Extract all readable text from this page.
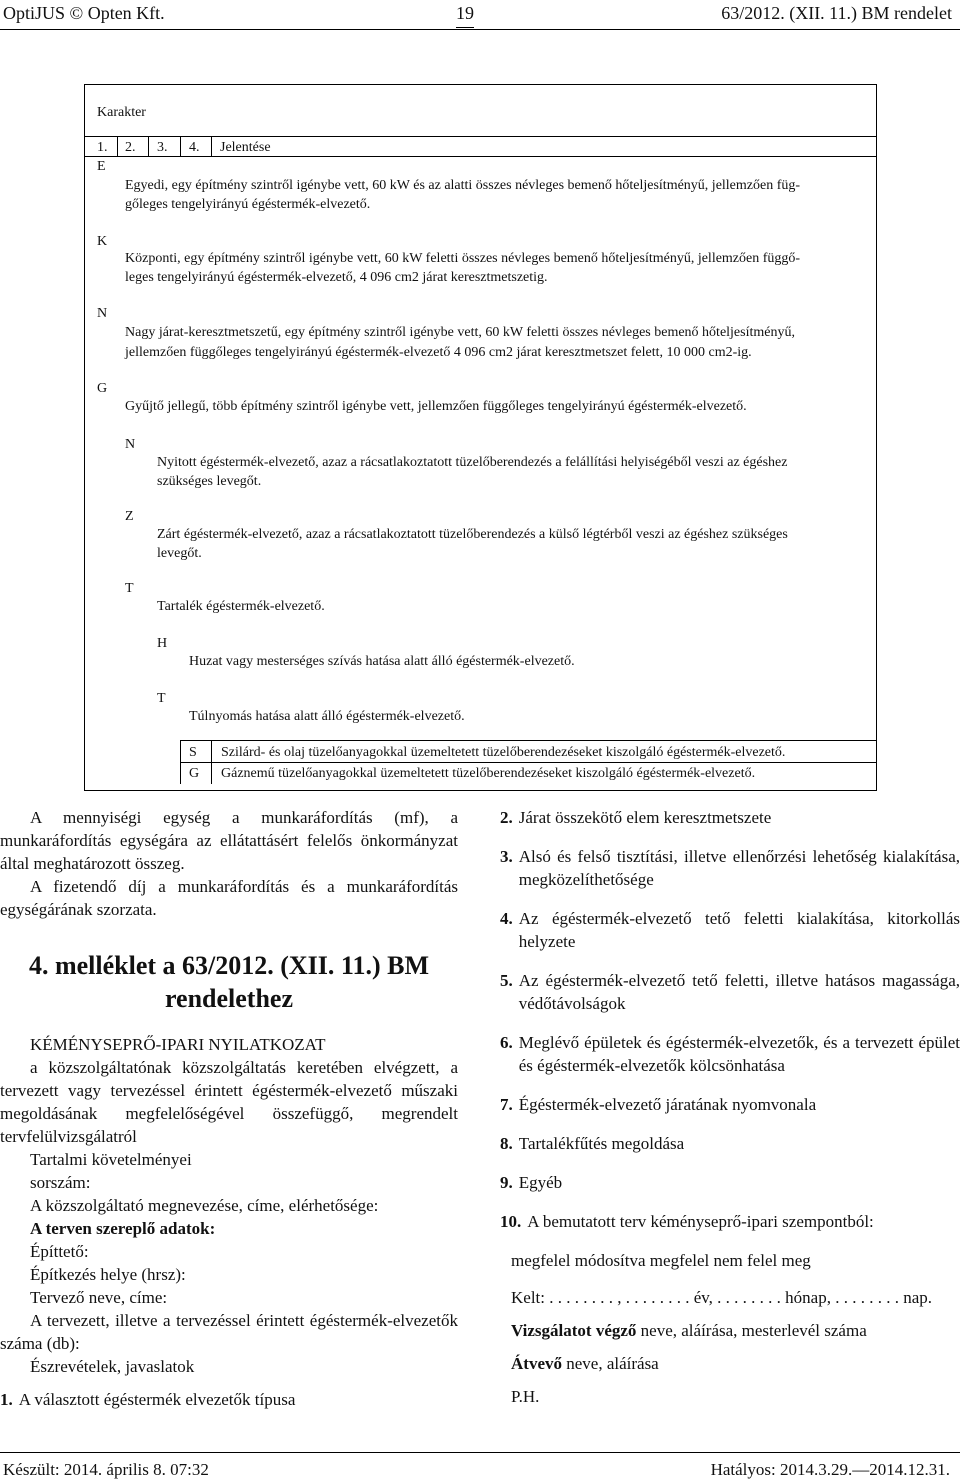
OptiJUS © Opten Kft.	19	63/2012. (XII. 11.) BM rendelet
Karakter
1. 2. 3. 4. Jelentése
E
Egyedi, egy építmény szintről igénybe vett, 60 kW és az alatti összes névleges bemenő hőteljesítményű, jellemzően füg-
gőleges tengelyirányú égéstermék-elvezető.
K
Központi, egy építmény szintről igénybe vett, 60 kW feletti összes névleges bemenő hőteljesítményű, jellemzően függő-
leges tengelyirányú égéstermék-elvezető, 4 096 cm2 járat keresztmetszetig.
N
Nagy járat-keresztmetszetű, egy építmény szintről igénybe vett, 60 kW feletti összes névleges bemenő hőteljesítményű,
jellemzően függőleges tengelyirányú égéstermék-elvezető 4 096 cm2 járat keresztmetszet felett, 10 000 cm2-ig.
G
Gyűjtő jellegű, több építmény szintről igénybe vett, jellemzően függőleges tengelyirányú égéstermék-elvezető.
N
Nyitott égéstermék-elvezető, azaz a rácsatlakoztatott tüzelőberendezés a felállítási helyiségéből veszi az égéshez
szükséges levegőt.
Z
Zárt égéstermék-elvezető, azaz a rácsatlakoztatott tüzelőberendezés a külső légtérből veszi az égéshez szükséges
levegőt.
T
Tartalék égéstermék-elvezető.
H
Huzat vagy mesterséges szívás hatása alatt álló égéstermék-elvezető.
T
Túlnyomás hatása alatt álló égéstermék-elvezető.
S Szilárd- és olaj tüzelőanyagokkal üzemeltetett tüzelőberendezéseket kiszolgáló égéstermék-elvezető.
G Gáznemű tüzelőanyagokkal üzemeltetett tüzelőberendezéseket kiszolgáló égéstermék-elvezető.

A mennyiségi egység a munkaráfordítás (mf), a munkaráfordítás egységára az ellátattásért felelős önkormányzat által meghatározott összeg.

A fizetendő díj a munkaráfordítás és a munkaráfordítás egységárának szorzata.

4. melléklet a 63/2012. (XII. 11.) BM rendelethez

KÉMÉNYSEPRŐ-IPARI NYILATKOZAT

a közszolgáltatónak közszolgáltatás keretében elvégzett, a tervezett vagy tervezéssel érintett égéstermék-elvezető műszaki megoldásának megfelelőségével összefüggő, megrendelt tervfelülvizsgálatról

Tartalmi követelményei

sorszám:

A közszolgáltató megnevezése, címe, elérhetősége:

A terven szereplő adatok:

Építtető:

Építkezés helye (hrsz):

Tervező neve, címe:

A tervezett, illetve a tervezéssel érintett égéstermék-elvezetők száma (db):

Észrevételek, javaslatok

1. A választott égéstermék elvezetők típusa
2. Járat összekötő elem keresztmetszete
3. Alsó és felső tisztítási, illetve ellenőrzési lehetőség kialakítása, megközelíthetősége
4. Az égéstermék-elvezető tető feletti kialakítása, kitorkollás helyzete
5. Az égéstermék-elvezető tető feletti, illetve hatásos magassága, védőtávolságok
6. Meglévő épületek és égéstermék-elvezetők, és a tervezett épület és égéstermék-elvezetők kölcsönhatása
7. Égéstermék-elvezető járatának nyomvonala
8. Tartalékfűtés megoldása
9. Egyéb
10. A bemutatott terv kéményseprő-ipari szempontból:
megfelel módosítva megfelel nem felel meg
Kelt: . . . . . . . . , . . . . . . . . év, . . . . . . . . hónap, . . . . . . . . nap.
Vizsgálatot végző neve, aláírása, mesterlevél száma
Átvevő neve, aláírása
P.H.
Készült: 2014. április 8. 07:32	Hatályos: 2014.3.29.—2014.12.31.
